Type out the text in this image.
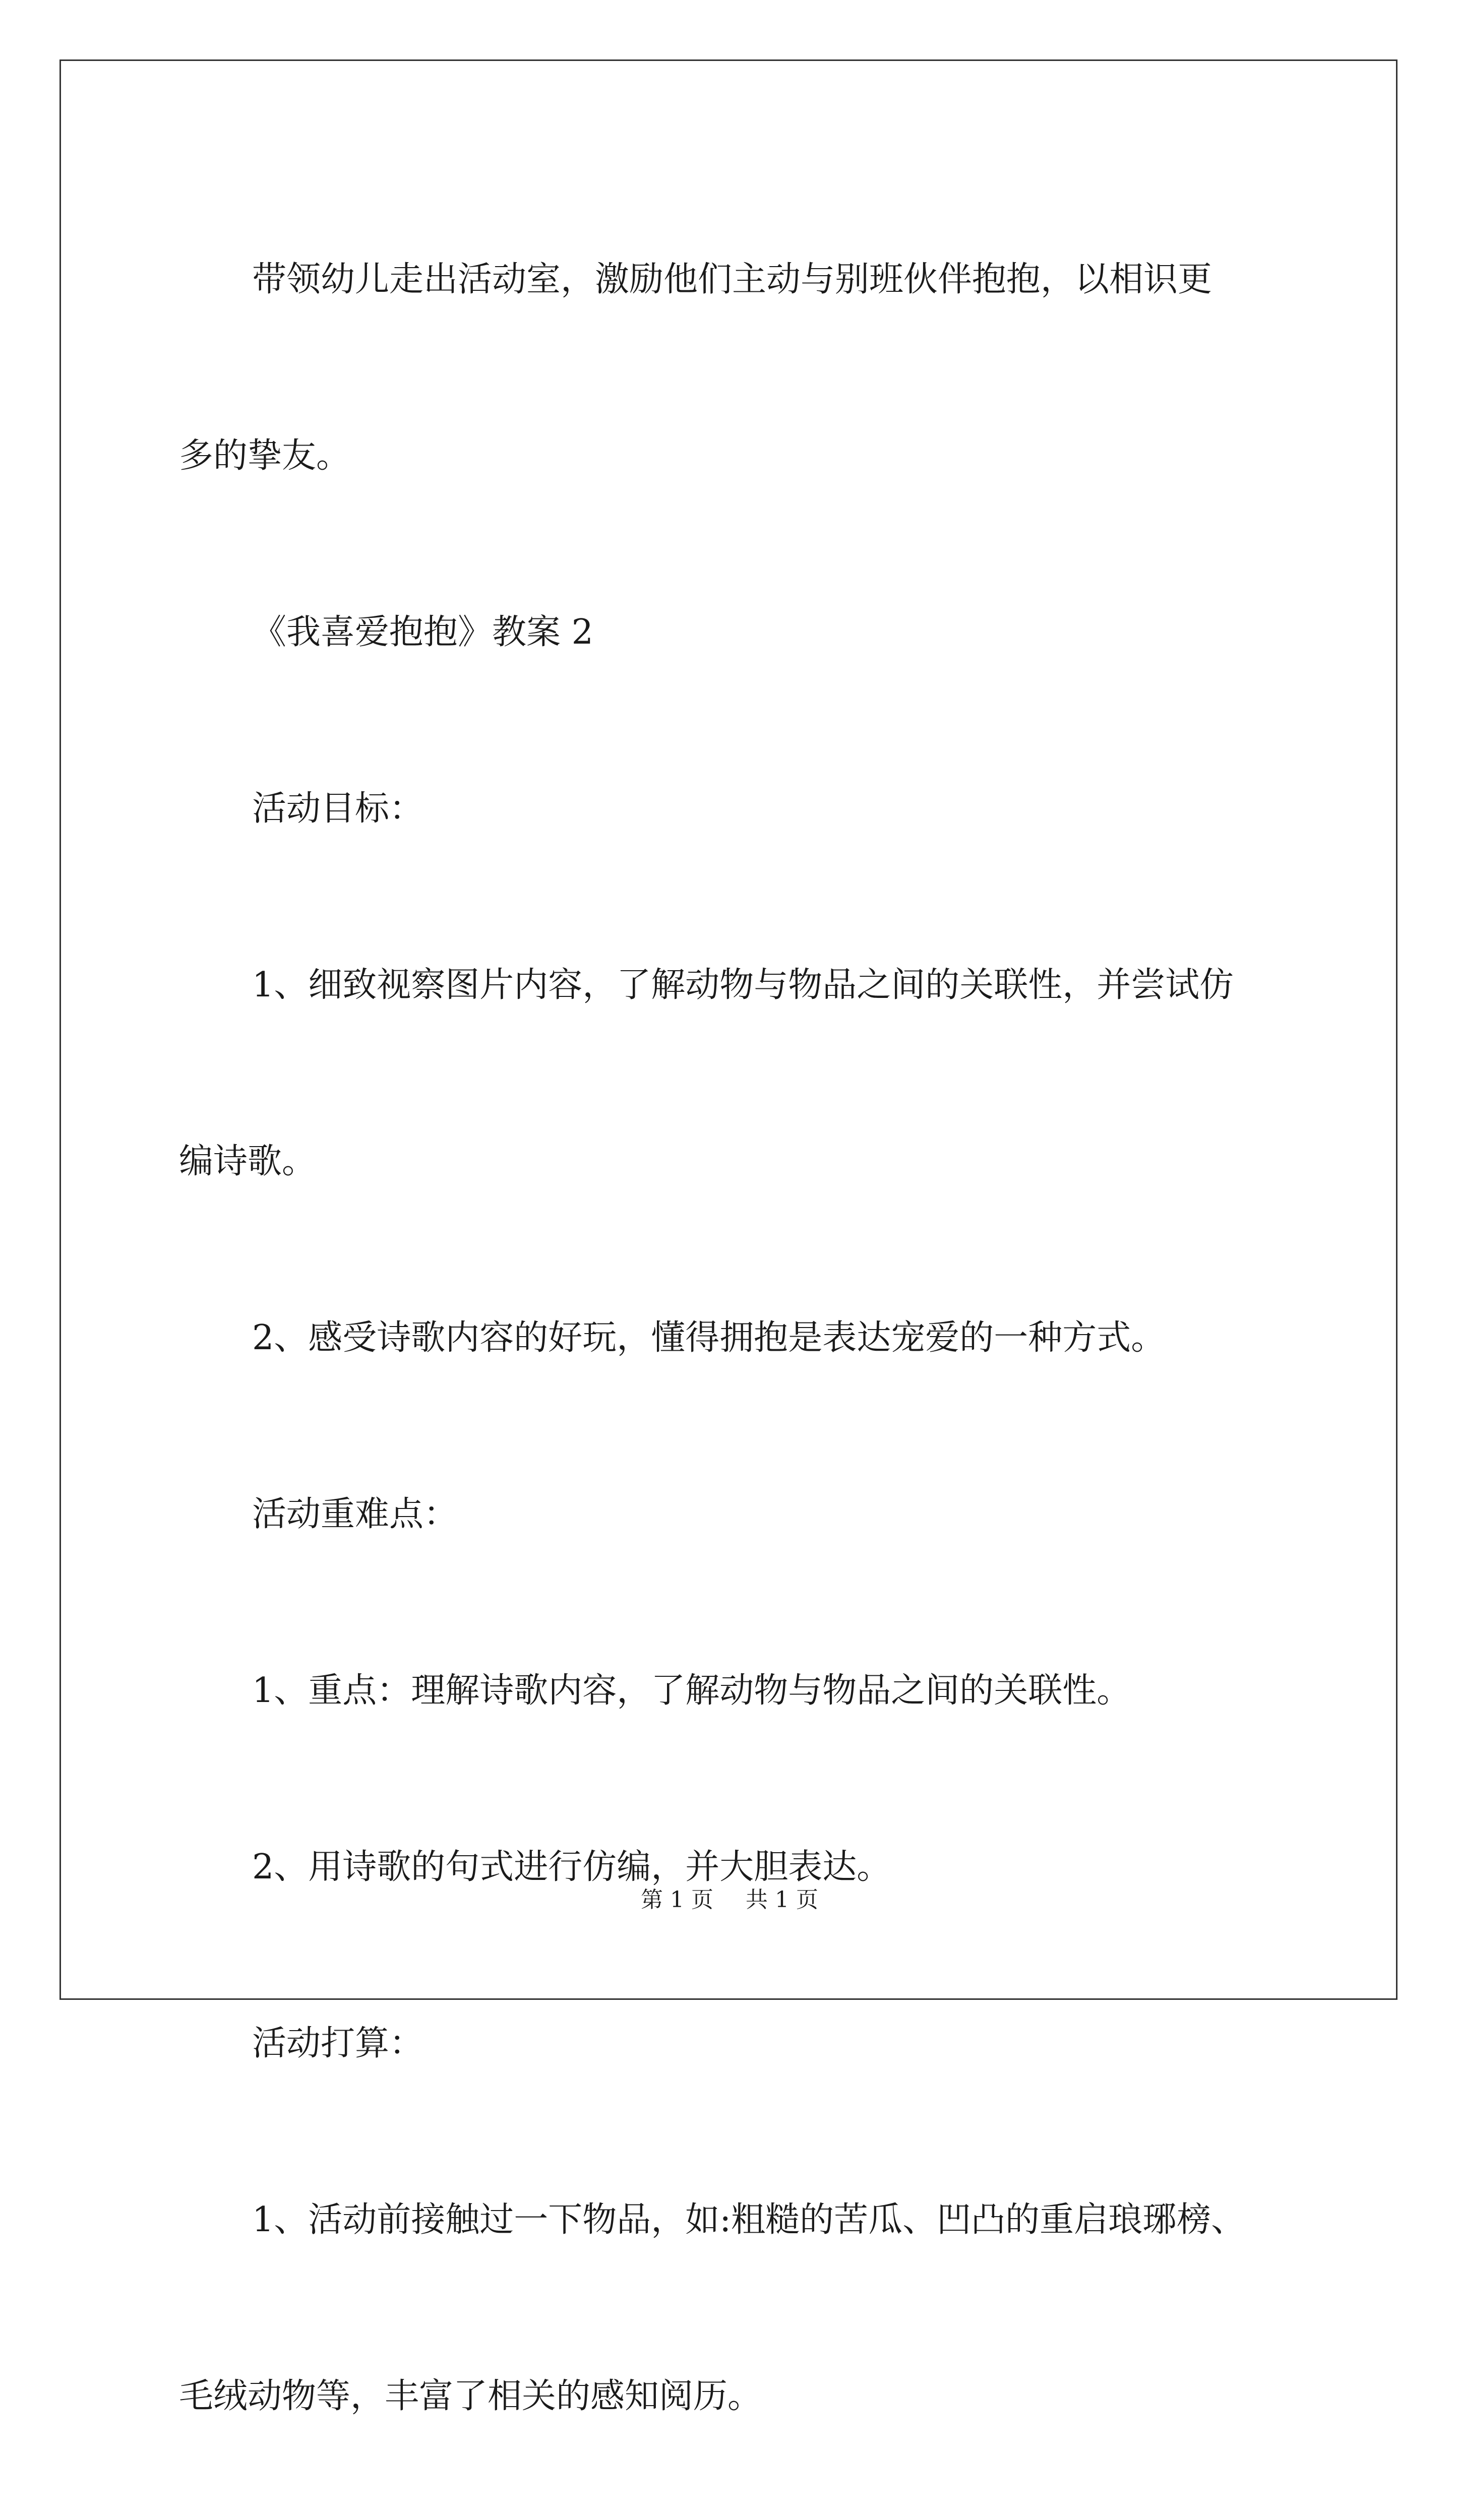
带领幼儿走出活动室，激励他们主动与别班伙伴抱抱，以相识更

多的挚友。

《我喜爱抱抱》教案 2

活动目标：

1、细致视察图片内容，了解动物与物品之间的关联性，并尝试仿

编诗歌。

2、感受诗歌内容的好玩，懂得拥抱是表达宠爱的一种方式。

活动重难点：

1、重点：理解诗歌内容，了解动物与物品之间的关联性。

2、用诗歌的句式进行仿编，并大胆表达。

活动打算：

1、活动前接触过一下物品，如:粗糙的苦瓜、凹凸的重启琅琊榜、

毛绒动物等，丰富了相关的感知阅历。

第 1 页 共 1 页
